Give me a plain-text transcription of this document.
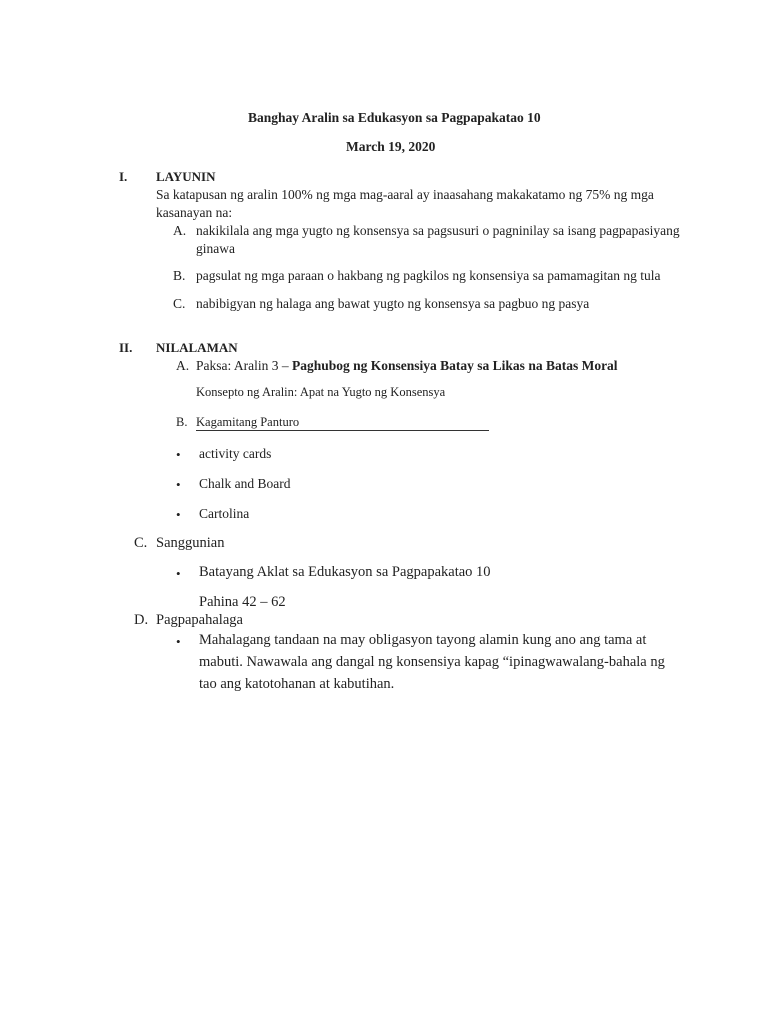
Banghay Aralin sa Edukasyon sa Pagpapakatao 10
March 19, 2020
I. LAYUNIN
Sa katapusan ng aralin 100% ng mga mag-aaral ay inaasahang makakatamo ng 75% ng mga
kasanayan na:
A. nakikilala ang mga yugto ng konsensya sa pagsusuri o pagninilay sa isang pagpapasiyang
ginawa
B. pagsulat ng mga paraan o hakbang ng pagkilos ng konsensiya sa pamamagitan ng tula
C. nabibigyan ng halaga ang bawat yugto ng konsensya sa pagbuo ng pasya
II. NILALAMAN
A. Paksa: Aralin 3 – Paghubog ng Konsensiya Batay sa Likas na Batas Moral
Konsepto ng Aralin: Apat na Yugto ng Konsensya
B. Kagamitang Panturo
• activity cards
• Chalk and Board
• Cartolina
C. Sanggunian
• Batayang Aklat sa Edukasyon sa Pagpapakatao 10
Pahina 42 – 62
D. Pagpapahalaga
• Mahalagang tandaan na may obligasyon tayong alamin kung ano ang tama at
mabuti. Nawawala ang dangal ng konsensiya kapag “ipinagwawalang-bahala ng
tao ang katotohanan at kabutihan.
